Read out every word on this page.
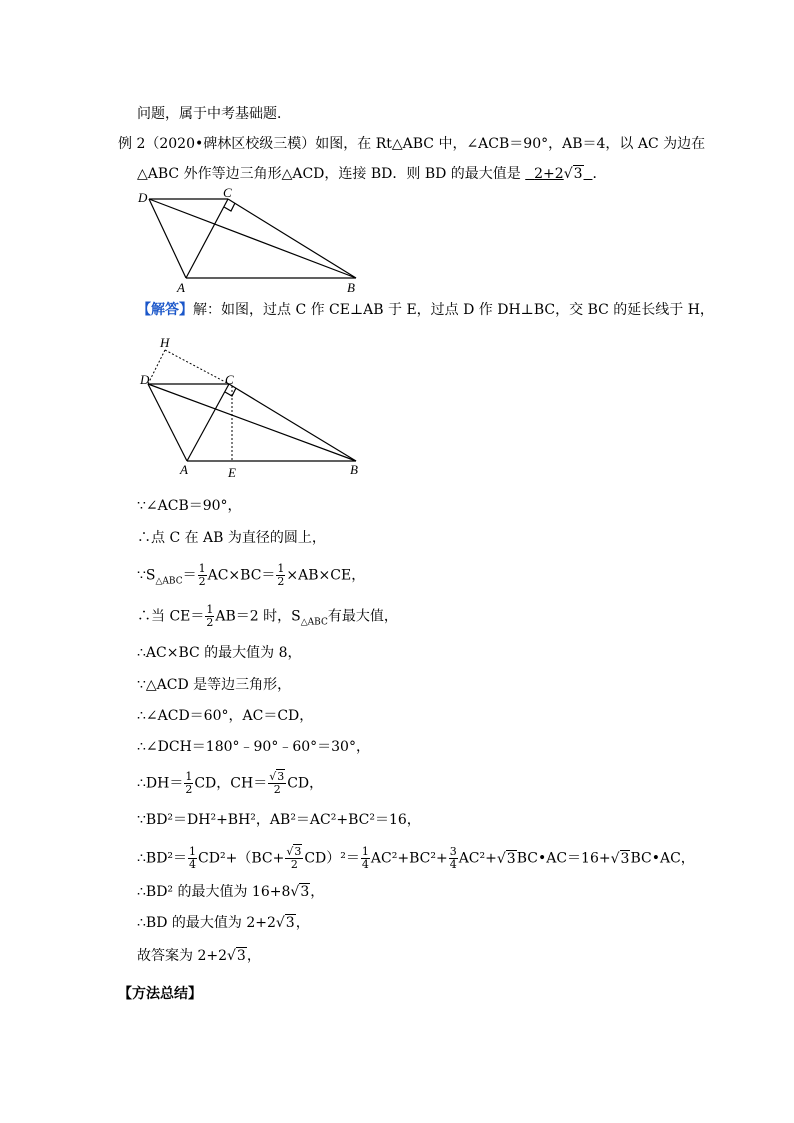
问题，属于中考基础题．
例 2（2020•碑林区校级三模）如图，在 Rt△ABC 中，∠ACB＝90°，AB＝4，以 AC 为边在
△ABC 外作等边三角形△ACD，连接 BD．则 BD 的最大值是 2+2√3 ．
D	C
A	B
【解答】解：如图，过点 C 作 CE⊥AB 于 E，过点 D 作 DH⊥BC，交 BC 的延长线于 H，
H
D	C
A	E	B
∵∠ACB＝90°，
∴点 C 在 AB 为直径的圆上，
$\because S_{\triangle ABC}= \frac{1}{2} AC\times BC= \frac{1}{2} \times AB\times CE$，
∴当 $CE= \frac{1}{2} AB=2$ 时，$S_{\triangle ABC}$有最大值，
∴AC×BC 的最大值为 8，
∵△ACD 是等边三角形，
∴∠ACD＝60°，AC＝CD，
∴∠DCH＝180°﹣90°﹣60°＝30°，
∴DH＝ $\frac{1}{2}$ CD，$CH= \frac{√3}{2}$ CD，
∵BD²＝DH²+BH²，AB²＝AC²+BC²＝16，
∴BD²＝ $\frac{1}{4} CD^2+(BC+ \frac{√3}{2} CD)^2= \frac{1}{4} AC^2+BC^2+ \frac{3}{4}$ AC²+√3BC•AC＝16+√3BC•AC，
∴BD² 的最大值为 16+8√3，
∴BD 的最大值为 2+2√3，
故答案为 2+2√3，
【方法总结】
